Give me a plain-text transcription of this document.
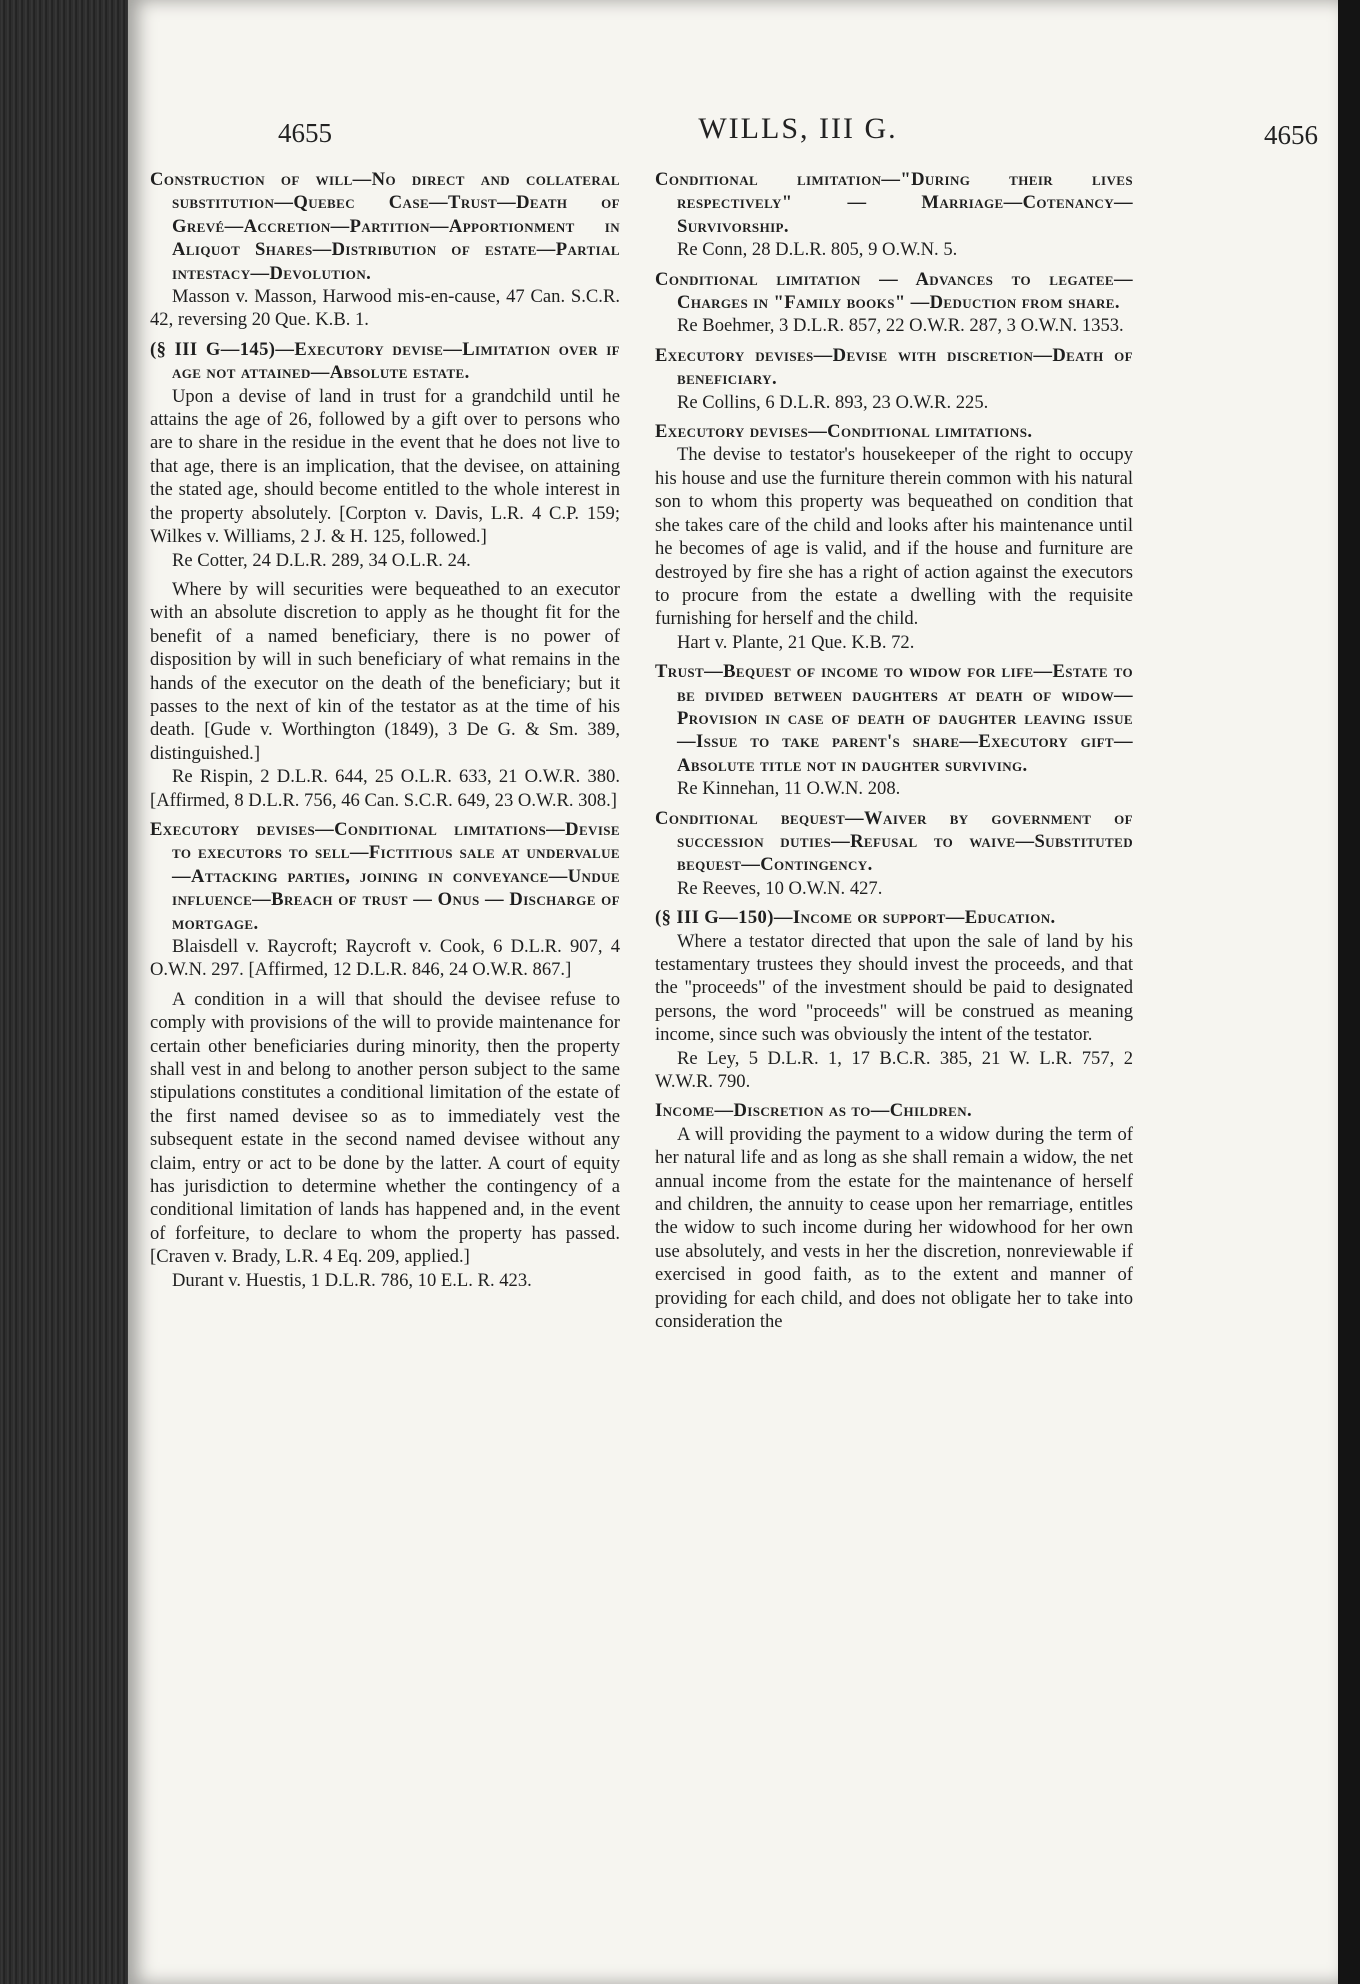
4655	WILLS, III G.	4656

Construction of will—No direct and collateral substitution—Quebec Case—Trust—Death of Grevé—Accretion—Partition—Apportionment in Aliquot Shares—Distribution of estate—Partial intestacy—Devolution.

Masson v. Masson, Harwood mis-en-cause, 47 Can. S.C.R. 42, reversing 20 Que. K.B. 1.

(§ III G—145)—Executory devise—Limitation over if age not attained—Absolute estate.

Upon a devise of land in trust for a grandchild until he attains the age of 26, followed by a gift over to persons who are to share in the residue in the event that he does not live to that age, there is an implication, that the devisee, on attaining the stated age, should become entitled to the whole interest in the property absolutely. [Corpton v. Davis, L.R. 4 C.P. 159; Wilkes v. Williams, 2 J. & H. 125, followed.]

Re Cotter, 24 D.L.R. 289, 34 O.L.R. 24.

Where by will securities were bequeathed to an executor with an absolute discretion to apply as he thought fit for the benefit of a named beneficiary, there is no power of disposition by will in such beneficiary of what remains in the hands of the executor on the death of the beneficiary; but it passes to the next of kin of the testator as at the time of his death. [Gude v. Worthington (1849), 3 De G. & Sm. 389, distinguished.]

Re Rispin, 2 D.L.R. 644, 25 O.L.R. 633, 21 O.W.R. 380. [Affirmed, 8 D.L.R. 756, 46 Can. S.C.R. 649, 23 O.W.R. 308.]

Executory devises—Conditional limitations—Devise to executors to sell—Fictitious sale at undervalue—Attacking parties, joining in conveyance—Undue influence—Breach of trust — Onus — Discharge of mortgage.

Blaisdell v. Raycroft; Raycroft v. Cook, 6 D.L.R. 907, 4 O.W.N. 297. [Affirmed, 12 D.L.R. 846, 24 O.W.R. 867.]

A condition in a will that should the devisee refuse to comply with provisions of the will to provide maintenance for certain other beneficiaries during minority, then the property shall vest in and belong to another person subject to the same stipulations constitutes a conditional limitation of the estate of the first named devisee so as to immediately vest the subsequent estate in the second named devisee without any claim, entry or act to be done by the latter. A court of equity has jurisdiction to determine whether the contingency of a conditional limitation of lands has happened and, in the event of forfeiture, to declare to whom the property has passed. [Craven v. Brady, L.R. 4 Eq. 209, applied.]

Durant v. Huestis, 1 D.L.R. 786, 10 E.L. R. 423.

Conditional limitation—"During their lives respectively" — Marriage—Cotenancy—Survivorship.

Re Conn, 28 D.L.R. 805, 9 O.W.N. 5.

Conditional limitation — Advances to legatee—Charges in "Family books" —Deduction from share.

Re Boehmer, 3 D.L.R. 857, 22 O.W.R. 287, 3 O.W.N. 1353.

Executory devises—Devise with discretion—Death of beneficiary.

Re Collins, 6 D.L.R. 893, 23 O.W.R. 225.

Executory devises—Conditional limitations.

The devise to testator's housekeeper of the right to occupy his house and use the furniture therein common with his natural son to whom this property was bequeathed on condition that she takes care of the child and looks after his maintenance until he becomes of age is valid, and if the house and furniture are destroyed by fire she has a right of action against the executors to procure from the estate a dwelling with the requisite furnishing for herself and the child.

Hart v. Plante, 21 Que. K.B. 72.

Trust—Bequest of income to widow for life—Estate to be divided between daughters at death of widow—Provision in case of death of daughter leaving issue—Issue to take parent's share—Executory gift—Absolute title not in daughter surviving.

Re Kinnehan, 11 O.W.N. 208.

Conditional bequest—Waiver by government of succession duties—Refusal to waive—Substituted bequest—Contingency.

Re Reeves, 10 O.W.N. 427.

(§ III G—150)—Income or support—Education.

Where a testator directed that upon the sale of land by his testamentary trustees they should invest the proceeds, and that the "proceeds" of the investment should be paid to designated persons, the word "proceeds" will be construed as meaning income, since such was obviously the intent of the testator.

Re Ley, 5 D.L.R. 1, 17 B.C.R. 385, 21 W. L.R. 757, 2 W.W.R. 790.

Income—Discretion as to—Children.

A will providing the payment to a widow during the term of her natural life and as long as she shall remain a widow, the net annual income from the estate for the maintenance of herself and children, the annuity to cease upon her remarriage, entitles the widow to such income during her widowhood for her own use absolutely, and vests in her the discretion, nonreviewable if exercised in good faith, as to the extent and manner of providing for each child, and does not obligate her to take into consideration the
